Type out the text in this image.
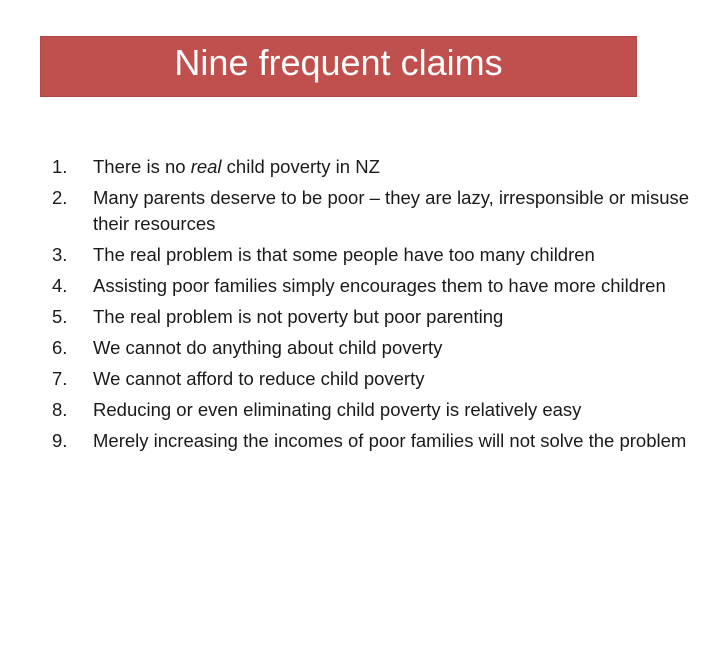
Nine frequent claims
1.	There is no real child poverty in NZ
2.	Many parents deserve to be poor – they are lazy, irresponsible or misuse their resources
3.	The real problem is that some people have too many children
4.	Assisting poor families simply encourages them to have more children
5.	The real problem is not poverty but poor parenting
6.	We cannot do anything about child poverty
7.	We cannot afford to reduce child poverty
8.	Reducing or even eliminating child poverty is relatively easy
9.	Merely increasing the incomes of poor families will not solve the problem
